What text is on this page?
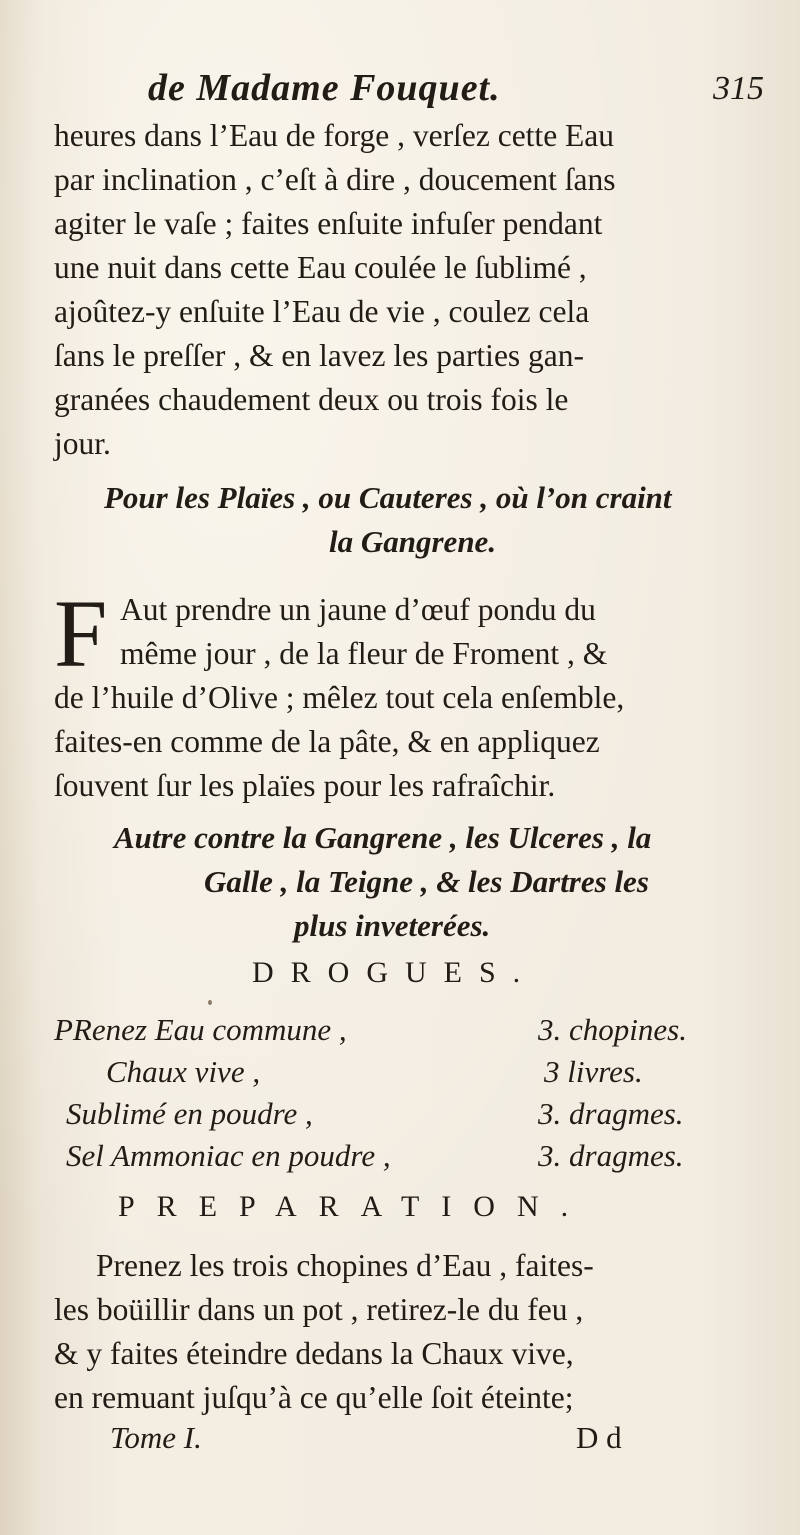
de Madame Fouquet.	315
heures dans l’Eau de forge , verſez cette Eau
par inclination , c’eſt à dire , doucement ſans
agiter le vaſe ; faites enſuite infuſer pendant
une nuit dans cette Eau coulée le ſublimé ,
ajoûtez-y enſuite l’Eau de vie , coulez cela
ſans le preſſer , & en lavez les parties gan-
granées chaudement deux ou trois fois le
jour.
Pour les Plaïes , ou Cauteres , où l’on craint
la Gangrene.
F Aut prendre un jaune d’œuf pondu du
même jour , de la fleur de Froment , &
de l’huile d’Olive ; mêlez tout cela enſemble,
faites-en comme de la pâte, & en appliquez
ſouvent ſur les plaïes pour les rafraîchir.
Autre contre la Gangrene , les Ulceres , la
Galle , la Teigne , & les Dartres les
plus inveterées.
DROGUES.
PRenez Eau commune ,	3. chopines.
Chaux vive ,	3 livres.
Sublimé en poudre ,	3. dragmes.
Sel Ammoniac en poudre ,	3. dragmes.
PREPARATION.
Prenez les trois chopines d’Eau , faites-
les boüillir dans un pot , retirez-le du feu ,
& y faites éteindre dedans la Chaux vive,
en remuant juſqu’à ce qu’elle ſoit éteinte;
Tome I.	D d
